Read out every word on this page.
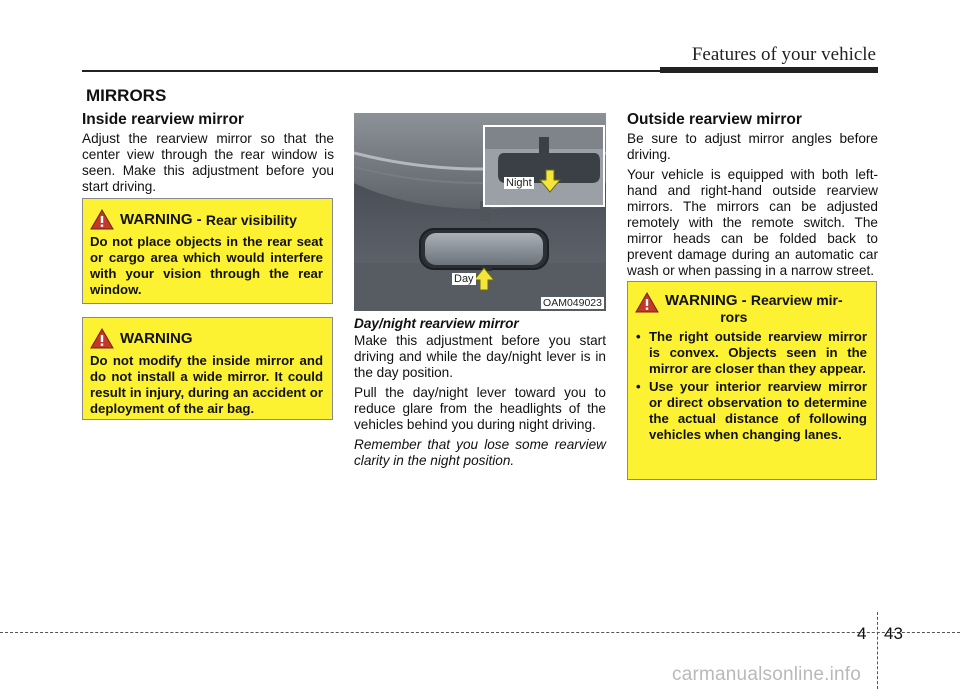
Features of your vehicle
MIRRORS
Inside rearview mirror
Adjust the rearview mirror so that the center view through the rear window is seen. Make this adjustment before you start driving.
WARNING -
Rear visibility
Do not place objects in the rear seat or cargo area which would interfere with your vision through the rear window.
WARNING
Do not modify the inside mirror and do not install a wide mirror. It could result in injury, during an accident or deployment of the air bag.
Night
Day
OAM049023
Day/night rearview mirror

Make this adjustment before you start driving and while the day/night lever is in the day position.

Pull the day/night lever toward you to reduce glare from the headlights of the vehicles behind you during night driving.

Remember that you lose some rearview clarity in the night position.

Outside rearview mirror

Be sure to adjust mirror angles before driving.

Your vehicle is equipped with both left-hand and right-hand outside rearview mirrors. The mirrors can be adjusted remotely with the remote switch. The mirror heads can be folded back to prevent damage during an automatic car wash or when passing in a narrow street.

WARNING - Rearview mir-
rors
• The right outside rearview mirror is convex. Objects seen in the mirror are closer than they appear.
• Use your interior rearview mirror or direct observation to determine the actual distance of following vehicles when changing lanes.
4 43
carmanualsonline.info
